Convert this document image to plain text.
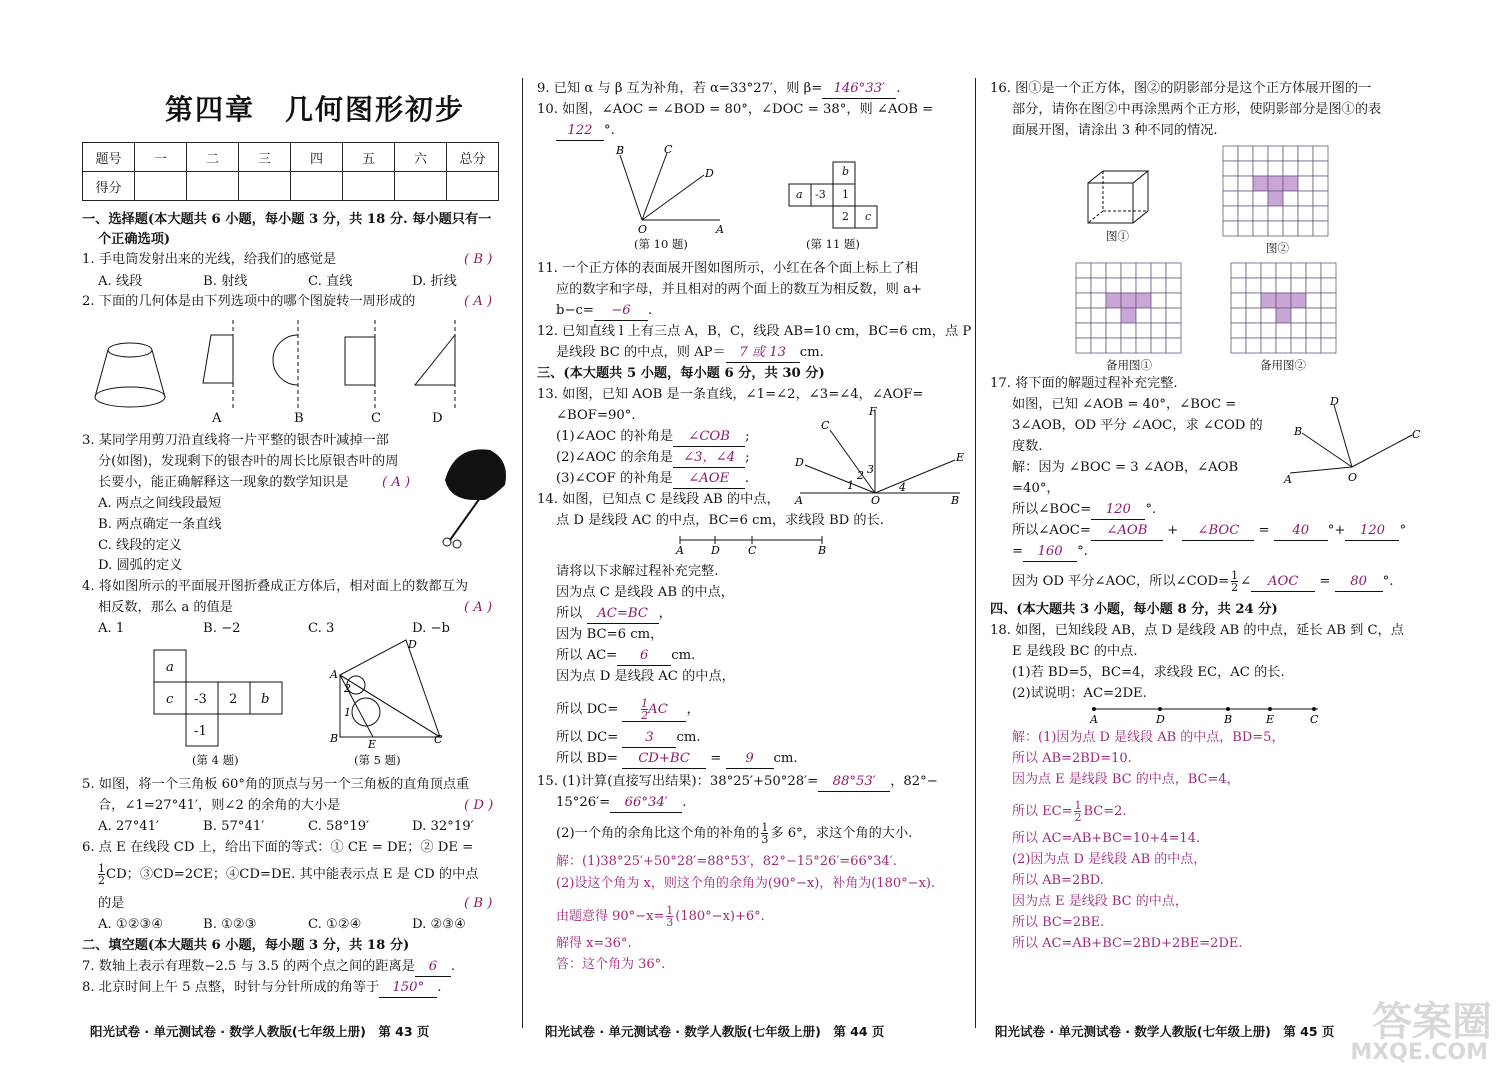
第四章　几何图形初步
题号	一	二	三	四	五	六	总分
得分							
一、选择题(本大题共 6 小题，每小题 3 分，共 18 分. 每小题只有一
个正确选项)
1. 手电筒发射出来的光线，给我们的感觉是	( B )
A. 线段	B. 射线	C. 直线	D. 折线
2. 下面的几何体是由下列选项中的哪个图旋转一周形成的	( A )
A	B	C	D
3. 某同学用剪刀沿直线将一片平整的银杏叶减掉一部
分(如图)，发现剩下的银杏叶的周长比原银杏叶的周
长要小，能正确解释这一现象的数学知识是	( A )
A. 两点之间线段最短
B. 两点确定一条直线
C. 线段的定义
D. 圆弧的定义
4. 将如图所示的平面展开图折叠成正方体后，相对面上的数都互为
相反数，那么 a 的值是	( A )
A. 1	B. −2	C. 3	D. −b
a
c -3 2 b
-1
(第 4 题)
A
D
B	E	C
2
1
(第 5 题)
5. 如图，将一个三角板 60°角的顶点与另一个三角板的直角顶点重
合，∠1=27°41′，则∠2 的余角的大小是	( D )
A. 27°41′	B. 57°41′	C. 58°19′	D. 32°19′
6. 点 E 在线段 CD 上，给出下面的等式：① CE = DE；② DE =
$\frac{1}{2}$ CD；③CD=2CE；④CD=DE. 其中能表示点 E 是 CD 的中点
的是	( B )
A. ①②③④	B. ①②③	C. ①②④	D. ②③④
二、填空题(本大题共 6 小题，每小题 3 分，共 18 分)
7. 数轴上表示有理数−2.5 与 3.5 的两个点之间的距离是 6 .
8. 北京时间上午 5 点整，时针与分针所成的角等于 150° .
阳光试卷 · 单元测试卷 · 数学人教版(七年级上册)　第 43 页
9. 已知 α 与 β 互为补角，若 α=33°27′，则 β= 146°33′ .
10. 如图，∠AOC = ∠BOD = 80°，∠DOC = 38°，则 ∠AOB =
122 °.
B	C
D
O	A
(第 10 题)
b
a -3 1
2 c
(第 11 题)
11. 一个正方体的表面展开图如图所示，小红在各个面上标上了相
应的数字和字母，并且相对的两个面上的数互为相反数，则 a+
b−c= −6 .
12. 已知直线 l 上有三点 A，B，C，线段 AB=10 cm，BC=6 cm，点 P
是线段 BC 的中点，则 AP＝ 7 或 13 cm.
三、(本大题共 5 小题，每小题 6 分，共 30 分)
13. 如图，已知 AOB 是一条直线，∠1=∠2，∠3=∠4，∠AOF=
∠BOF=90°.
(1)∠AOC 的补角是 ∠COB ;
(2)∠AOC 的余角是 ∠3，∠4 ;
(3)∠COF 的补角是 ∠AOE .
F
C
D	E
A	O	B
1
2 3
4
14. 如图，已知点 C 是线段 AB 的中点，
点 D 是线段 AC 的中点，BC=6 cm，求线段 BD 的长.
A D	C	B
请将以下求解过程补充完整.
因为点 C 是线段 AB 的中点，
所以 AC=BC ，
因为 BC=6 cm，
所以 AC= 6 cm.
因为点 D 是线段 AC 的中点，
所以 $DC= \frac{1}{2}$ AC ，
所以 DC= 3 cm.
所以 BD= CD+BC = 9 cm.
15. (1)计算(直接写出结果)：38°25′+50°28′= 88°53′ ，82°−
15°26′= 66°34′ .
(2)一个角的余角比这个角的补角的 $\frac{1}{3}$ 多 6°，求这个角的大小.
解：(1)38°25′+50°28′=88°53′，82°−15°26′=66°34′.
(2)设这个角为 x，则这个角的余角为(90°−x)，补角为(180°−x).
由题意得 $90^\circ-x= \frac{1}{3} (180^\circ-x)+6^\circ$.
解得 x=36°.
答：这个角为 36°.
阳光试卷 · 单元测试卷 · 数学人教版(七年级上册)　第 44 页
16. 图①是一个正方体，图②的阴影部分是这个正方体展开图的一
部分，请你在图②中再涂黑两个正方形，使阴影部分是图①的表
面展开图，请涂出 3 种不同的情况.
图①
图②
备用图①	备用图②
17. 将下面的解题过程补充完整.
如图，已知 ∠AOB = 40°，∠BOC =
3∠AOB，OD 平分 ∠AOC，求 ∠COD 的
度数.
解：因为 ∠BOC = 3 ∠AOB，∠AOB
=40°，
D
B	C
A	O
所以∠BOC= 120 °.
所以∠AOC= ∠AOB + ∠BOC = 40 °+ 120 °
= 160 °.
因为 OD 平分∠AOC，所以∠COD= $\frac{1}{2}$ ∠ AOC = 80 °.
四、(本大题共 3 小题，每小题 8 分，共 24 分)
18. 如图，已知线段 AB，点 D 是线段 AB 的中点，延长 AB 到 C，点
E 是线段 BC 的中点.
(1)若 BD=5，BC=4，求线段 EC，AC 的长.
(2)试说明：AC=2DE.
A	D	B	E	C
解：(1)因为点 D 是线段 AB 的中点，BD=5，
所以 AB=2BD=10.
因为点 E 是线段 BC 的中点，BC=4，
所以 $EC= \frac{1}{2} BC=2$.
所以 AC=AB+BC=10+4=14.
(2)因为点 D 是线段 AB 的中点，
所以 AB=2BD.
因为点 E 是线段 BC 的中点，
所以 BC=2BE.
所以 AC=AB+BC=2BD+2BE=2DE.
阳光试卷 · 单元测试卷 · 数学人教版(七年级上册)　第 45 页 答案圈
MXQE.COM
